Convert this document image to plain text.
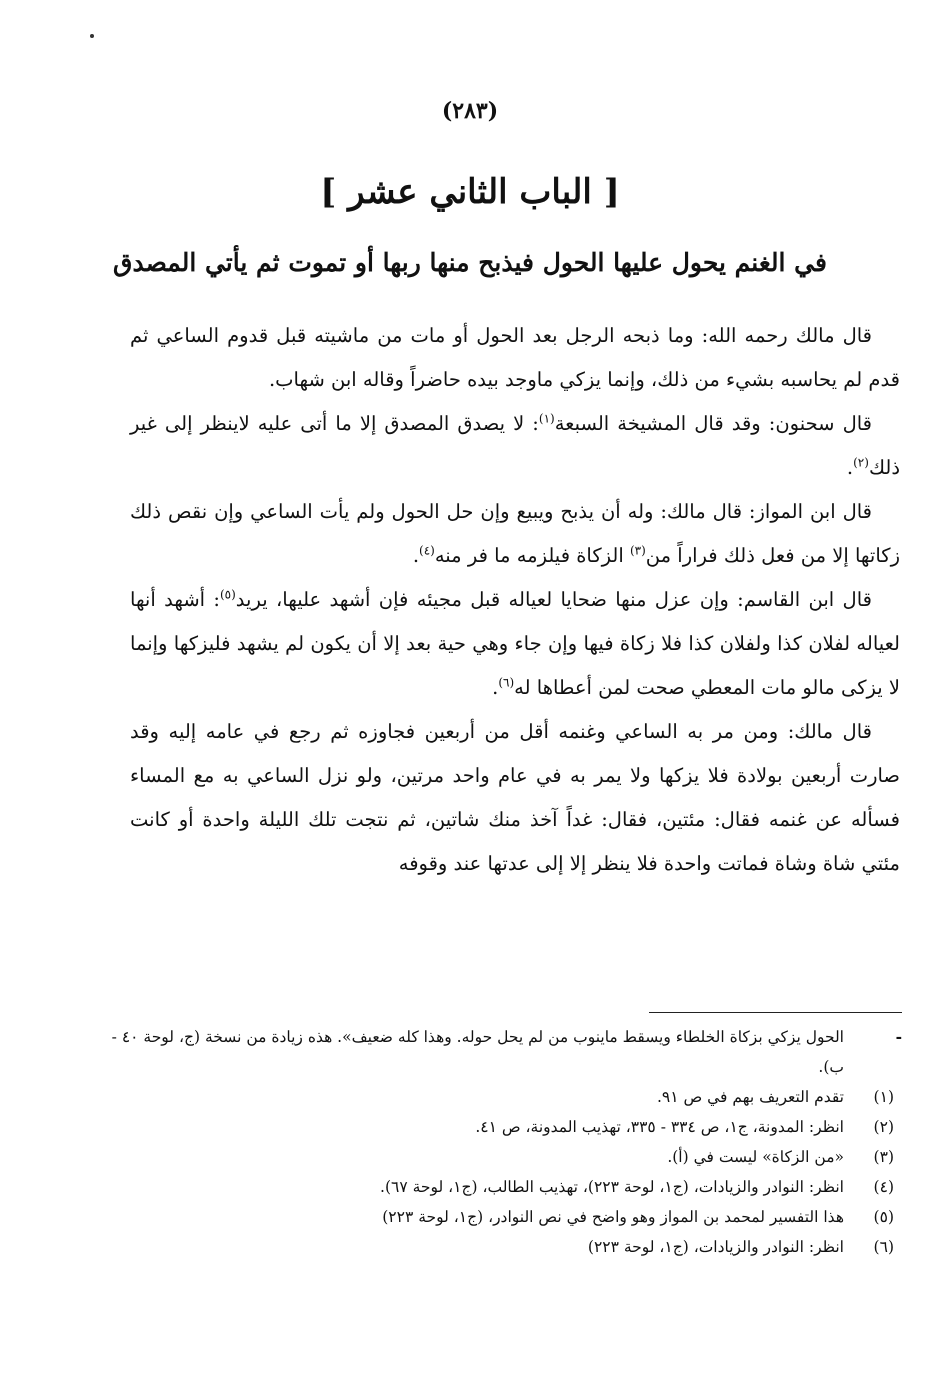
(٢٨٣)
[ الباب الثاني عشر ]
في الغنم يحول عليها الحول فيذبح منها ربها أو تموت ثم يأتي المصدق

قال مالك رحمه الله: وما ذبحه الرجل بعد الحول أو مات من ماشيته قبل قدوم الساعي ثم قدم لم يحاسبه بشيء من ذلك، وإنما يزكي ماوجد بيده حاضراً وقاله ابن شهاب.

قال سحنون: وقد قال المشيخة السبعة$^{(١)}$: لا يصدق المصدق إلا ما أتى عليه لاينظر إلى غير ذلك$^{(٢)}$.

قال ابن المواز: قال مالك: وله أن يذبح ويبيع وإن حل الحول ولم يأت الساعي وإن نقص ذلك زكاتها إلا من فعل ذلك فراراً من$^{(٣)}$ الزكاة فيلزمه ما فر منه$^{(٤)}$.

قال ابن القاسم: وإن عزل منها ضحايا لعياله قبل مجيئه فإن أشهد عليها، يريد$^{(٥)}$: أشهد أنها لعياله لفلان كذا ولفلان كذا فلا زكاة فيها وإن جاء وهي حية بعد إلا أن يكون لم يشهد فليزكها وإنما لا يزكى مالو مات المعطي صحت لمن أعطاها له$^{(٦)}$.

قال مالك: ومن مر به الساعي وغنمه أقل من أربعين فجاوزه ثم رجع في عامه إليه وقد صارت أربعين بولادة فلا يزكها ولا يمر به في عام واحد مرتين، ولو نزل الساعي به مع المساء فسأله عن غنمه فقال: مئتين، فقال: غداً آخذ منك شاتين، ثم نتجت تلك الليلة واحدة أو كانت مئتي شاة وشاة فماتت واحدة فلا ينظر إلا إلى عدتها عند وقوفه

-
الحول يزكي بزكاة الخلطاء ويسقط ماينوب من لم يحل حوله. وهذا كله ضعيف». هذه زيادة من نسخة (ج، لوحة ٤٠ - ب).
(١)
تقدم التعريف بهم في ص ٩١.
(٢)
انظر: المدونة، ج١، ص ٣٣٤ - ٣٣٥، تهذيب المدونة، ص ٤١.
(٣)
«من الزكاة» ليست في (أ).
(٤)
انظر: النوادر والزيادات، (ج١، لوحة ٢٢٣)، تهذيب الطالب، (ج١، لوحة ٦٧).
(٥)
هذا التفسير لمحمد بن المواز وهو واضح في نص النوادر، (ج١، لوحة ٢٢٣)
(٦)
انظر: النوادر والزيادات، (ج١، لوحة ٢٢٣)
